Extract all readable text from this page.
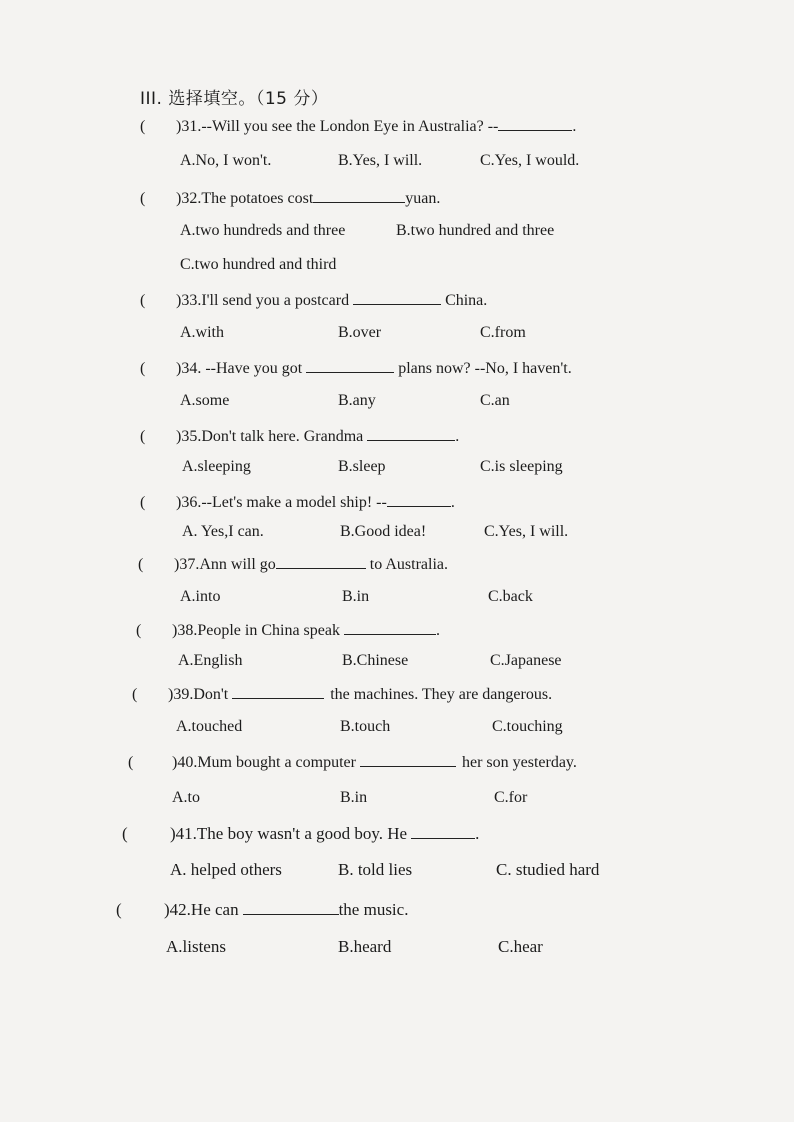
III. 选择填空。（15 分）
( )31.--Will you see the London Eye in Australia? --	.
A.No, I won't.	B.Yes, I will.	C.Yes, I would.
( )32.The potatoes cost	yuan.
A.two hundreds and three	B.two hundred and three
C.two hundred and third
( )33.I'll send you a postcard	China.
A.with	B.over	C.from
( )34. --Have you got	plans now? --No, I haven't.
A.some	B.any	C.an
( )35.Don't talk here. Grandma	.
A.sleeping	B.sleep	C.is sleeping
( )36.--Let's make a model ship! --	.
A. Yes,I can.	B.Good idea!	C.Yes, I will.
( )37.Ann will go	to Australia.
A.into	B.in	C.back
( )38.People in China speak	.
A.English	B.Chinese	C.Japanese
( )39.Don't	the machines. They are dangerous.
A.touched	B.touch	C.touching
( )40.Mum bought a computer	her son yesterday.
A.to	B.in	C.for
( )41.The boy wasn't a good boy. He	.
A. helped others	B. told lies	C. studied hard
( )42.He can	the music.
A.listens	B.heard	C.hear
